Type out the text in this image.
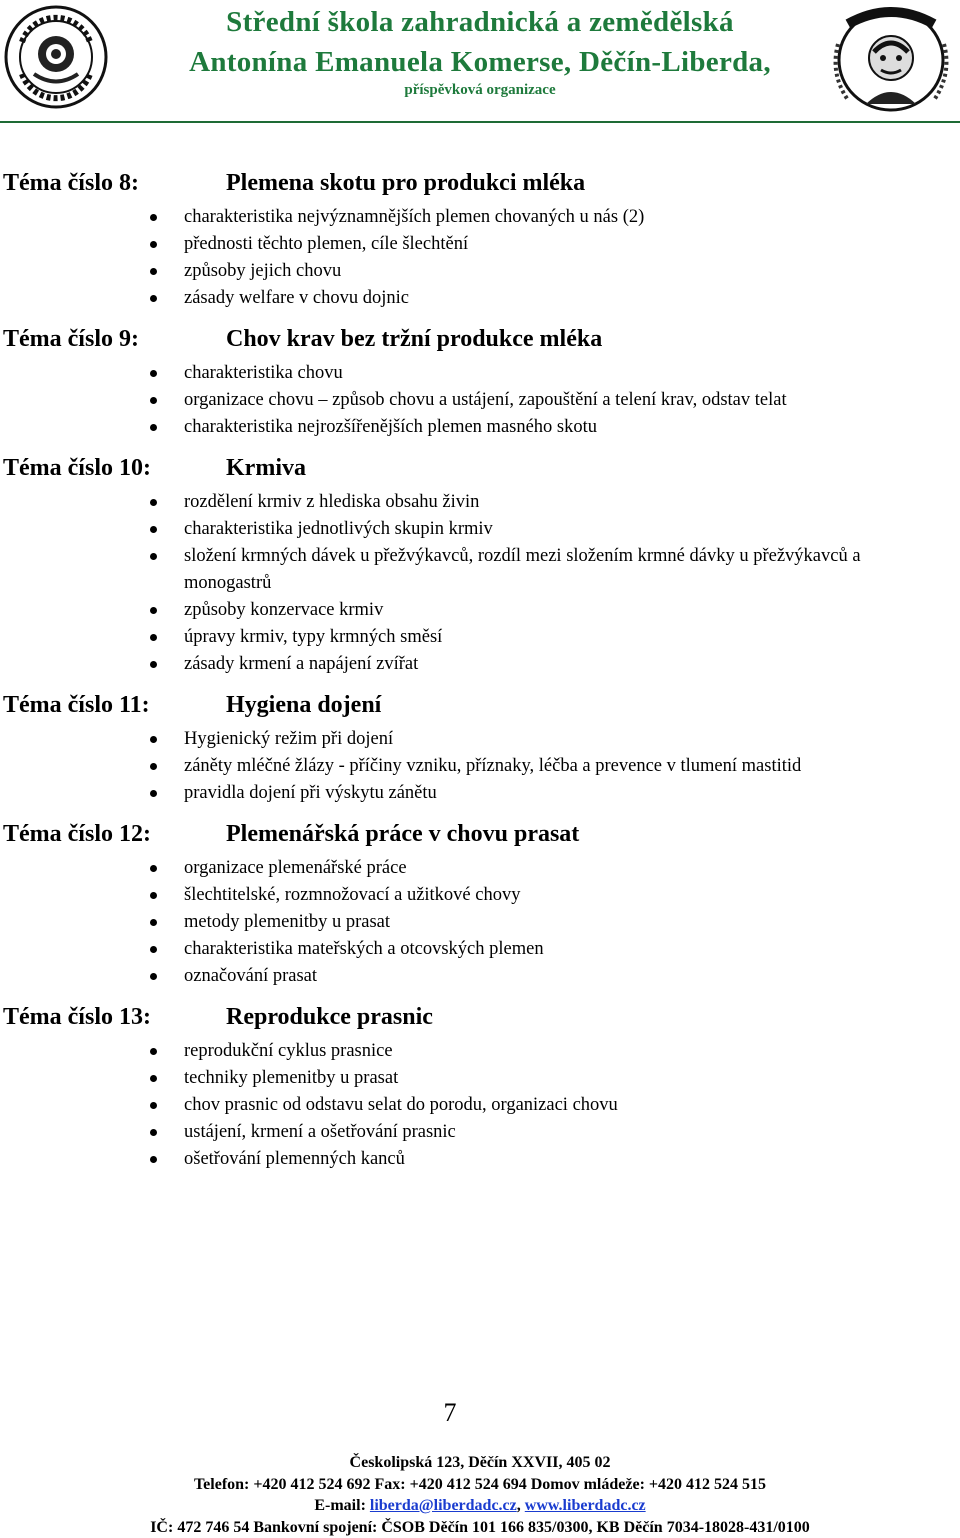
Střední škola zahradnická a zemědělská
Antonína Emanuela Komerse, Děčín-Liberda,
příspěvková organizace
Téma číslo 8:	Plemena skotu pro produkci mléka
charakteristika nejvýznamnějších plemen chovaných u nás (2)
přednosti těchto plemen, cíle šlechtění
způsoby jejich chovu
zásady welfare v chovu dojnic
Téma číslo 9:	Chov krav bez tržní produkce mléka
charakteristika chovu
organizace chovu – způsob chovu a ustájení, zapouštění a telení krav, odstav telat
charakteristika nejrozšířenějších plemen masného skotu
Téma číslo 10:	Krmiva
rozdělení krmiv z hlediska obsahu živin
charakteristika jednotlivých skupin krmiv
složení krmných dávek u přežvýkavců, rozdíl mezi složením krmné dávky u přežvýkavců a monogastrů
způsoby konzervace krmiv
úpravy krmiv, typy krmných směsí
zásady krmení a napájení zvířat
Téma číslo 11:	Hygiena dojení
Hygienický režim při dojení
záněty mléčné žlázy - příčiny vzniku, příznaky, léčba a prevence v tlumení mastitid
pravidla dojení při výskytu zánětu
Téma číslo 12:	Plemenářská práce v chovu prasat
organizace plemenářské práce
šlechtitelské, rozmnožovací a užitkové chovy
metody plemenitby u prasat
charakteristika mateřských a otcovských plemen
označování prasat
Téma číslo 13:	Reprodukce prasnic
reprodukční cyklus prasnice
techniky plemenitby u prasat
chov prasnic od odstavu selat do porodu, organizaci chovu
ustájení, krmení a ošetřování prasnic
ošetřování plemenných kanců
7
Českolipská 123, Děčín XXVII, 405 02
Telefon: +420 412 524 692 Fax: +420 412 524 694 Domov mládeže: +420 412 524 515
E-mail: liberda@liberdadc.cz, www.liberdadc.cz
IČ: 472 746 54 Bankovní spojení: ČSOB Děčín 101 166 835/0300, KB Děčín 7034-18028-431/0100
